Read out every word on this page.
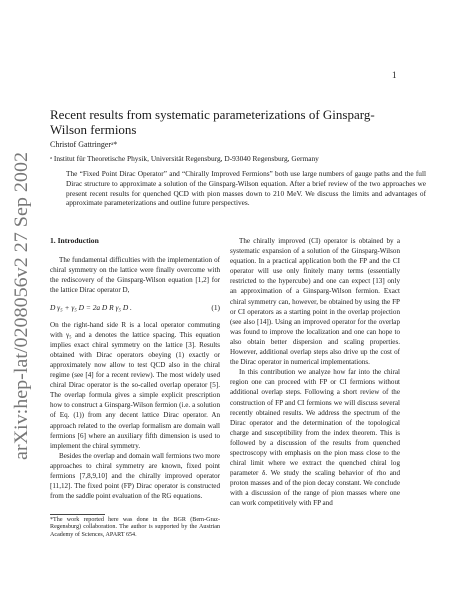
1
arXiv:hep-lat/0208056v2 27 Sep 2002
Recent results from systematic parameterizations of Ginsparg-Wilson fermions
Christof Gattringerᵃ*
ᵃ Institut für Theoretische Physik, Universität Regensburg, D-93040 Regensburg, Germany
The “Fixed Point Dirac Operator” and “Chirally Improved Fermions” both use large numbers of gauge paths and the full Dirac structure to approximate a solution of the Ginsparg-Wilson equation. After a brief review of the two approaches we present recent results for quenched QCD with pion masses down to 210 MeV. We discuss the limits and advantages of approximate parameterizations and outline future perspectives.
1. Introduction

The fundamental difficulties with the implementation of chiral symmetry on the lattice were finally overcome with the rediscovery of the Ginsparg-Wilson equation [1,2] for the lattice Dirac operator D,

D γ₅ + γ₅ D = 2a D R γ₅ D .	(1)

On the right-hand side R is a local operator commuting with γ₅ and a denotes the lattice spacing. This equation implies exact chiral symmetry on the lattice [3]. Results obtained with Dirac operators obeying (1) exactly or approximately now allow to test QCD also in the chiral regime (see [4] for a recent review). The most widely used chiral Dirac operator is the so-called overlap operator [5]. The overlap formula gives a simple explicit prescription how to construct a Ginsparg-Wilson fermion (i.e. a solution of Eq. (1)) from any decent lattice Dirac operator. An approach related to the overlap formalism are domain wall fermions [6] where an auxiliary fifth dimension is used to implement the chiral symmetry.

Besides the overlap and domain wall fermions two more approaches to chiral symmetry are known, fixed point fermions [7,8,9,10] and the chirally improved operator [11,12]. The fixed point (FP) Dirac operator is constructed from the saddle point evaluation of the RG equations.

The chirally improved (CI) operator is obtained by a systematic expansion of a solution of the Ginsparg-Wilson equation. In a practical application both the FP and the CI operator will use only finitely many terms (essentially restricted to the hypercube) and one can expect [13] only an approximation of a Ginsparg-Wilson fermion. Exact chiral symmetry can, however, be obtained by using the FP or CI operators as a starting point in the overlap projection (see also [14]). Using an improved operator for the overlap was found to improve the localization and one can hope to also obtain better dispersion and scaling properties. However, additional overlap steps also drive up the cost of the Dirac operator in numerical implementations.

In this contribution we analyze how far into the chiral region one can proceed with FP or CI fermions without additional overlap steps. Following a short review of the construction of FP and CI fermions we will discuss several recently obtained results. We address the spectrum of the Dirac operator and the determination of the topological charge and susceptibility from the index theorem. This is followed by a discussion of the results from quenched spectroscopy with emphasis on the pion mass close to the chiral limit where we extract the quenched chiral log parameter δ. We study the scaling behavior of rho and proton masses and of the pion decay constant. We conclude with a discussion of the range of pion masses where one can work competitively with FP and

*The work reported here was done in the BGR (Bern-Graz-Regensburg) collaboration. The author is supported by the Austrian Academy of Sciences, APART 654.
